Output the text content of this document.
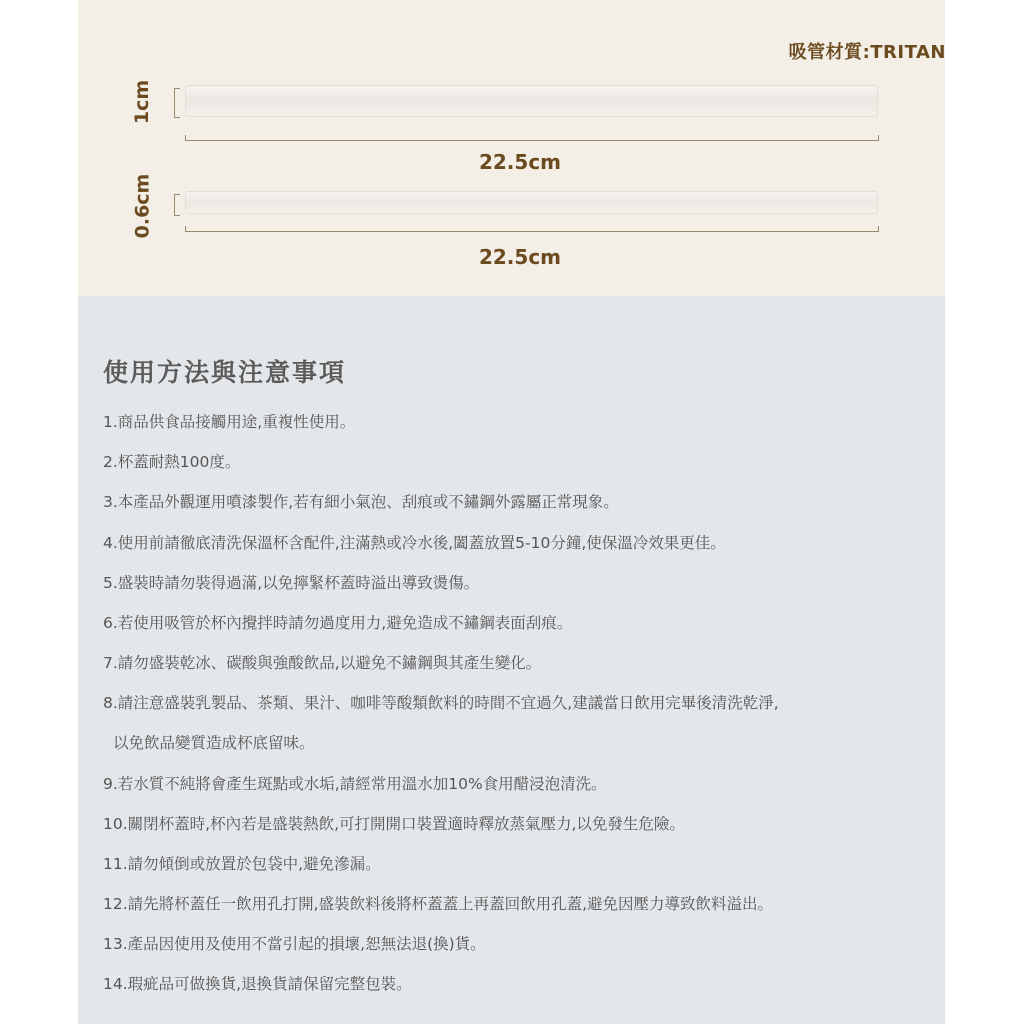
吸管材質:TRITAN
1cm
22.5cm
0.6cm
22.5cm
使用方法與注意事項
1.商品供食品接觸用途,重複性使用。
2.杯蓋耐熱100度。
3.本產品外觀運用噴漆製作,若有細小氣泡、刮痕或不鏽鋼外露屬正常現象。
4.使用前請徹底清洗保溫杯含配件,注滿熱或冷水後,闔蓋放置5-10分鐘,使保溫冷效果更佳。
5.盛裝時請勿裝得過滿,以免擰緊杯蓋時溢出導致燙傷。
6.若使用吸管於杯內攪拌時請勿過度用力,避免造成不鏽鋼表面刮痕。
7.請勿盛裝乾冰、碳酸與強酸飲品,以避免不鏽鋼與其產生變化。
8.請注意盛裝乳製品、茶類、果汁、咖啡等酸類飲料的時間不宜過久,建議當日飲用完畢後清洗乾淨,
以免飲品變質造成杯底留味。
9.若水質不純將會產生斑點或水垢,請經常用溫水加10%食用醋浸泡清洗。
10.關閉杯蓋時,杯內若是盛裝熱飲,可打開開口裝置適時釋放蒸氣壓力,以免發生危險。
11.請勿傾倒或放置於包袋中,避免滲漏。
12.請先將杯蓋任一飲用孔打開,盛裝飲料後將杯蓋蓋上再蓋回飲用孔蓋,避免因壓力導致飲料溢出。
13.產品因使用及使用不當引起的損壞,恕無法退(換)貨。
14.瑕疵品可做換貨,退換貨請保留完整包裝。
